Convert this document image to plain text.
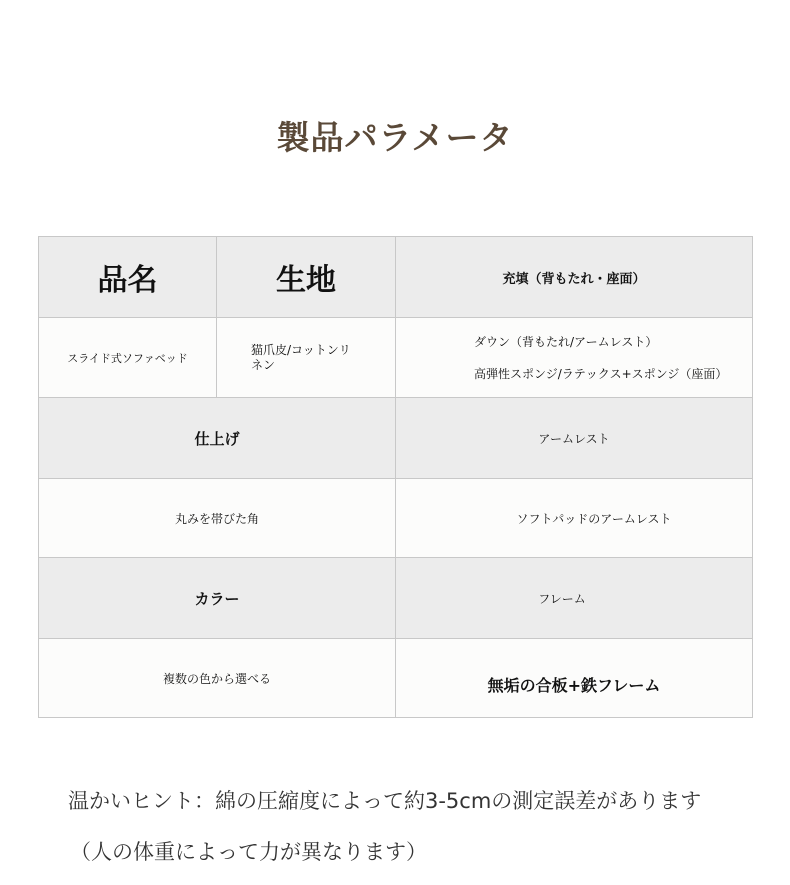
製品パラメータ
品名	生地	充填（背もたれ・座面）
スライド式ソファベッド	猫爪皮/コットンリネン	ダウン（背もたれ/アームレスト）
高弾性スポンジ/ラテックス+スポンジ（座面）

仕上げ		アームレスト
丸みを帯びた角		ソフトパッドのアームレスト
カラー		フレーム
複数の色から選べる		無垢の合板+鉄フレーム
温かいヒント：綿の圧縮度によって約3-5cmの測定誤差があります
（人の体重によって力が異なります）
